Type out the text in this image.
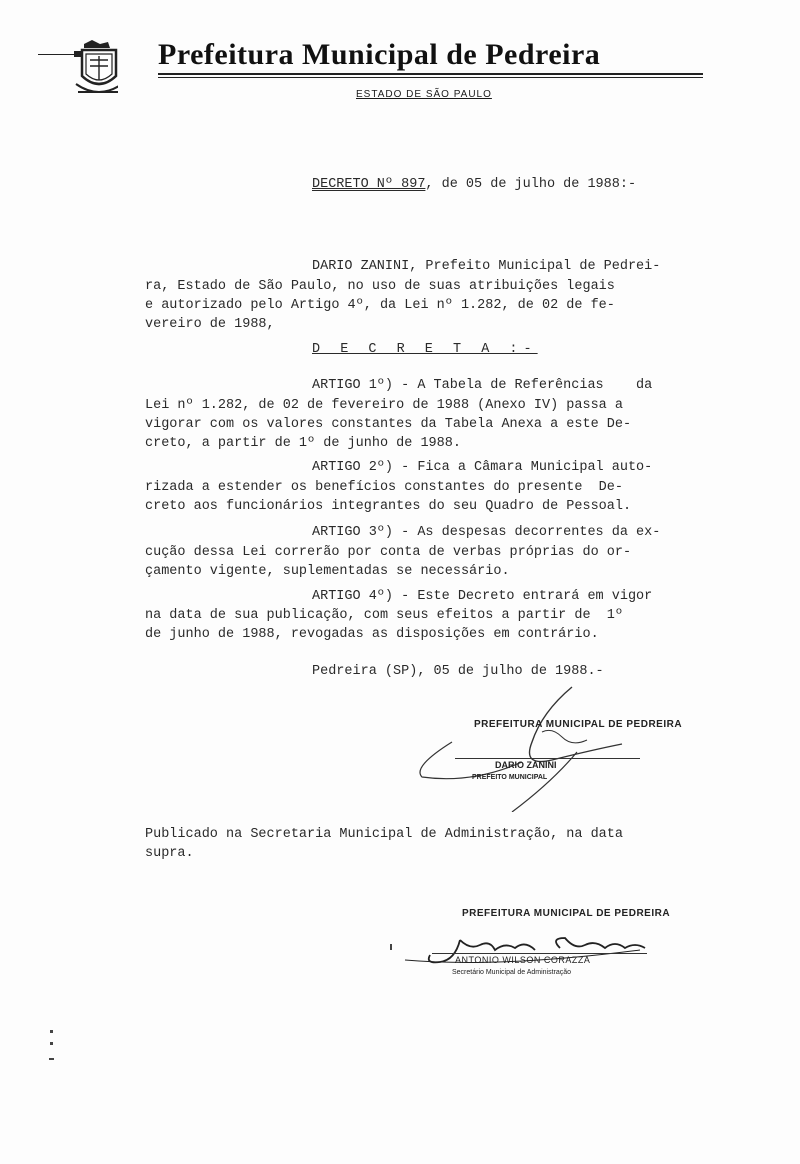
Prefeitura Municipal de Pedreira
ESTADO DE SÃO PAULO
DECRETO Nº 897, de 05 de julho de 1988:-
DARIO ZANINI, Prefeito Municipal de Pedrei-
ra, Estado de São Paulo, no uso de suas atribuições legais
e autorizado pelo Artigo 4º, da Lei nº 1.282, de 02 de fe-
vereiro de 1988,
D E C R E T A :-
ARTIGO 1º) - A Tabela de Referências    da
Lei nº 1.282, de 02 de fevereiro de 1988 (Anexo IV) passa a
vigorar com os valores constantes da Tabela Anexa a este De-
creto, a partir de 1º de junho de 1988.
ARTIGO 2º) - Fica a Câmara Municipal auto-
rizada a estender os benefícios constantes do presente  De-
creto aos funcionários integrantes do seu Quadro de Pessoal.
ARTIGO 3º) - As despesas decorrentes da ex-
cução dessa Lei correrão por conta de verbas próprias do or-
çamento vigente, suplementadas se necessário.
ARTIGO 4º) - Este Decreto entrará em vigor
na data de sua publicação, com seus efeitos a partir de  1º
de junho de 1988, revogadas as disposições em contrário.
Pedreira (SP), 05 de julho de 1988.-
PREFEITURA MUNICIPAL DE PEDREIRA
DARIO ZANINI
PREFEITO MUNICIPAL
Publicado na Secretaria Municipal de Administração, na data
supra.
PREFEITURA MUNICIPAL DE PEDREIRA
ANTONIO WILSON CORAZZA
Secretário Municipal de Administração
